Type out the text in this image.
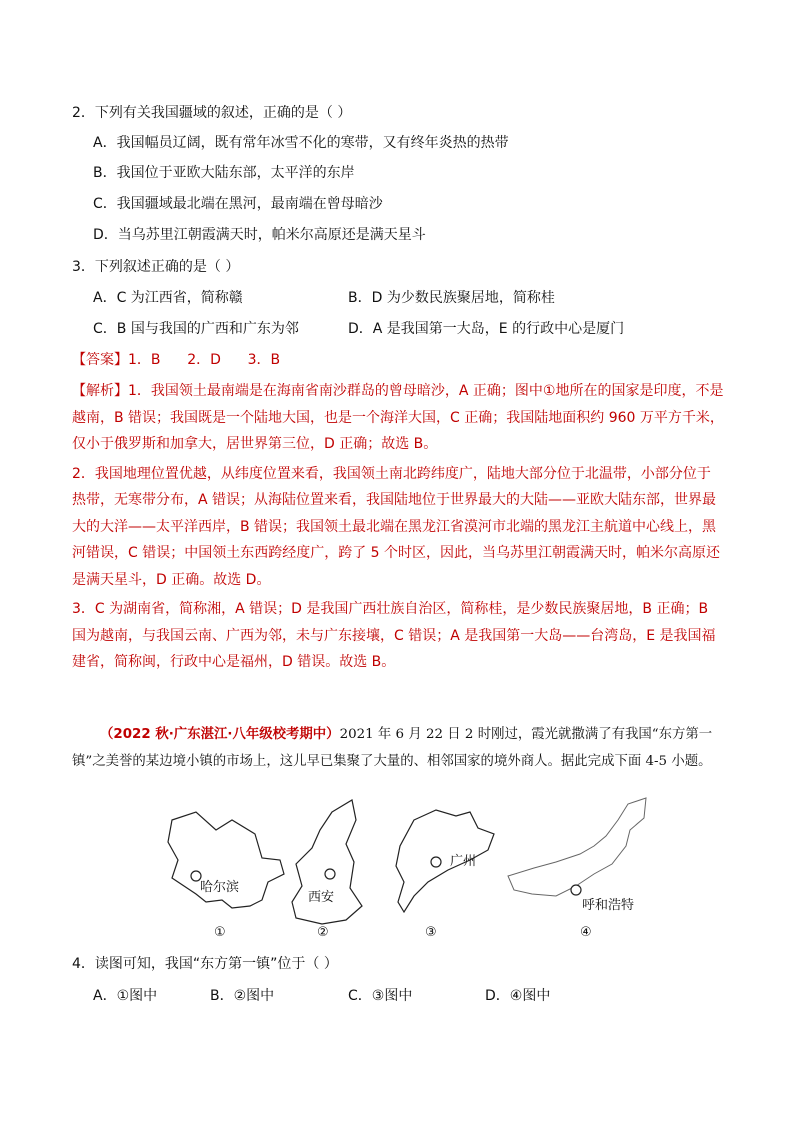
2．下列有关我国疆域的叙述，正确的是（ ）
A．我国幅员辽阔，既有常年冰雪不化的寒带，又有终年炎热的热带
B．我国位于亚欧大陆东部，太平洋的东岸
C．我国疆域最北端在黑河，最南端在曾母暗沙
D．当乌苏里江朝霞满天时，帕米尔高原还是满天星斗
3．下列叙述正确的是（ ）
A．C 为江西省，简称赣	B．D 为少数民族聚居地，简称桂
C．B 国与我国的广西和广东为邻	D．A 是我国第一大岛，E 的行政中心是厦门
【答案】1．B      2．D      3．B

【解析】1．我国领土最南端是在海南省南沙群岛的曾母暗沙，A 正确；图中①地所在的国家是印度，不是越南，B 错误；我国既是一个陆地大国，也是一个海洋大国，C 正确；我国陆地面积约 960 万平方千米，仅小于俄罗斯和加拿大，居世界第三位，D 正确；故选 B。

2．我国地理位置优越，从纬度位置来看，我国领土南北跨纬度广，陆地大部分位于北温带，小部分位于热带，无寒带分布，A 错误；从海陆位置来看，我国陆地位于世界最大的大陆——亚欧大陆东部，世界最大的大洋——太平洋西岸，B 错误；我国领土最北端在黑龙江省漠河市北端的黑龙江主航道中心线上，黑河错误，C 错误；中国领土东西跨经度广，跨了 5 个时区，因此，当乌苏里江朝霞满天时，帕米尔高原还是满天星斗，D 正确。故选 D。

3．C 为湖南省，简称湘，A 错误；D 是我国广西壮族自治区，简称桂，是少数民族聚居地，B 正确；B 国为越南，与我国云南、广西为邻，未与广东接壤，C 错误；A 是我国第一大岛——台湾岛，E 是我国福建省，简称闽，行政中心是福州，D 错误。故选 B。

（2022 秋·广东湛江·八年级校考期中）2021 年 6 月 22 日 2 时刚过，霞光就撒满了有我国“东方第一镇”之美誉的某边境小镇的市场上，这儿早已集聚了大量的、相邻国家的境外商人。据此完成下面 4-5 小题。
哈尔滨
西安
广州
呼和浩特
①	②	③	④
4．读图可知，我国“东方第一镇”位于（ ）
A．①图中	B．②图中	C．③图中	D．④图中
